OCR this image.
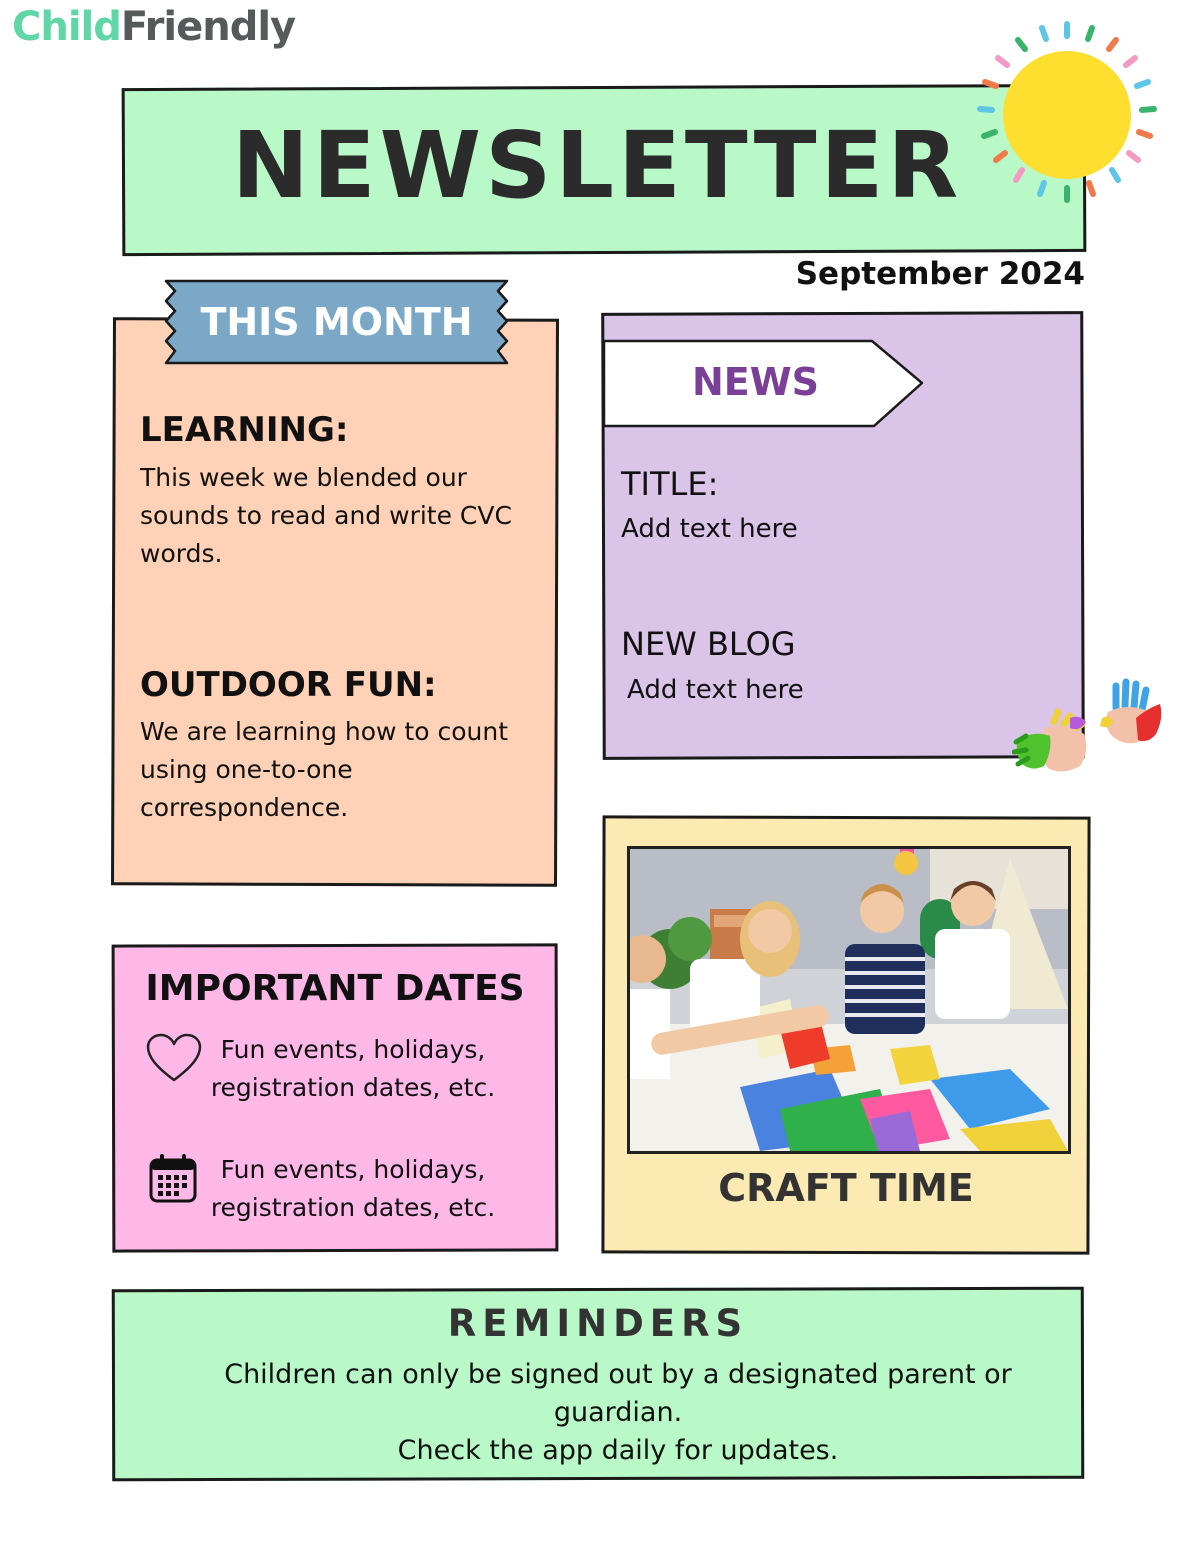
ChildFriendly
NEWSLETTER
September 2024
THIS MONTH
LEARNING:
This week we blended our sounds to read and write CVC words.
OUTDOOR FUN:
We are learning how to count using one-to-one correspondence.
NEWS
TITLE:
Add text here
NEW BLOG
Add text here
IMPORTANT DATES
Fun events, holidays,
registration dates, etc.
Fun events, holidays,
registration dates, etc.	CRAFT TIME
REMINDERS
Children can only be signed out by a designated parent or guardian.
Check the app daily for updates.
